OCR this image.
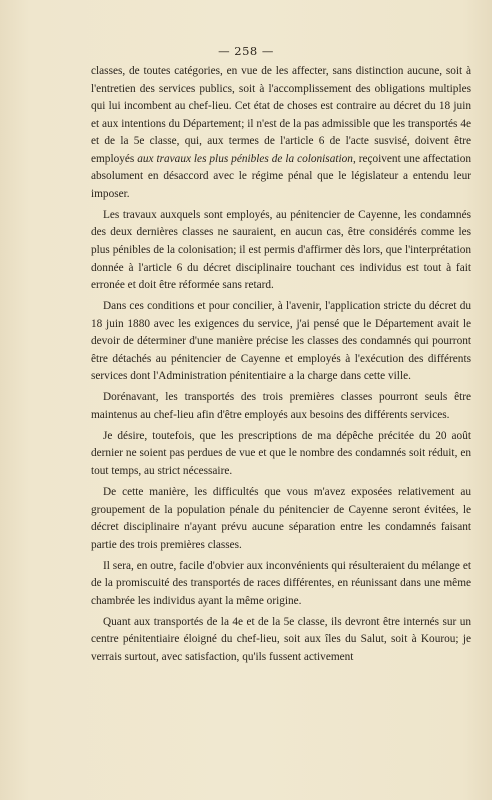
— 258 —

classes, de toutes catégories, en vue de les affecter, sans distinction aucune, soit à l'entretien des services publics, soit à l'accomplissement des obligations multiples qui lui incombent au chef-lieu. Cet état de choses est contraire au décret du 18 juin et aux intentions du Département; il n'est de la pas admissible que les transportés 4e et de la 5e classe, qui, aux termes de l'article 6 de l'acte susvisé, doivent être employés aux travaux les plus pénibles de la colonisation, reçoivent une affectation absolument en désaccord avec le régime pénal que le législateur a entendu leur imposer.

Les travaux auxquels sont employés, au pénitencier de Cayenne, les condamnés des deux dernières classes ne sauraient, en aucun cas, être considérés comme les plus pénibles de la colonisation; il est permis d'affirmer dès lors, que l'interprétation donnée à l'article 6 du décret disciplinaire touchant ces individus est tout à fait erronée et doit être réformée sans retard.

Dans ces conditions et pour concilier, à l'avenir, l'application stricte du décret du 18 juin 1880 avec les exigences du service, j'ai pensé que le Département avait le devoir de déterminer d'une manière précise les classes des condamnés qui pourront être détachés au pénitencier de Cayenne et employés à l'exécution des différents services dont l'Administration pénitentiaire a la charge dans cette ville.

Dorénavant, les transportés des trois premières classes pourront seuls être maintenus au chef-lieu afin d'être employés aux besoins des différents services.

Je désire, toutefois, que les prescriptions de ma dépêche précitée du 20 août dernier ne soient pas perdues de vue et que le nombre des condamnés soit réduit, en tout temps, au strict nécessaire.

De cette manière, les difficultés que vous m'avez exposées relativement au groupement de la population pénale du pénitencier de Cayenne seront évitées, le décret disciplinaire n'ayant prévu aucune séparation entre les condamnés faisant partie des trois premières classes.

Il sera, en outre, facile d'obvier aux inconvénients qui résulteraient du mélange et de la promiscuité des transportés de races différentes, en réunissant dans une même chambrée les individus ayant la même origine.

Quant aux transportés de la 4e et de la 5e classe, ils devront être internés sur un centre pénitentiaire éloigné du chef-lieu, soit aux îles du Salut, soit à Kourou; je verrais surtout, avec satisfaction, qu'ils fussent activement
